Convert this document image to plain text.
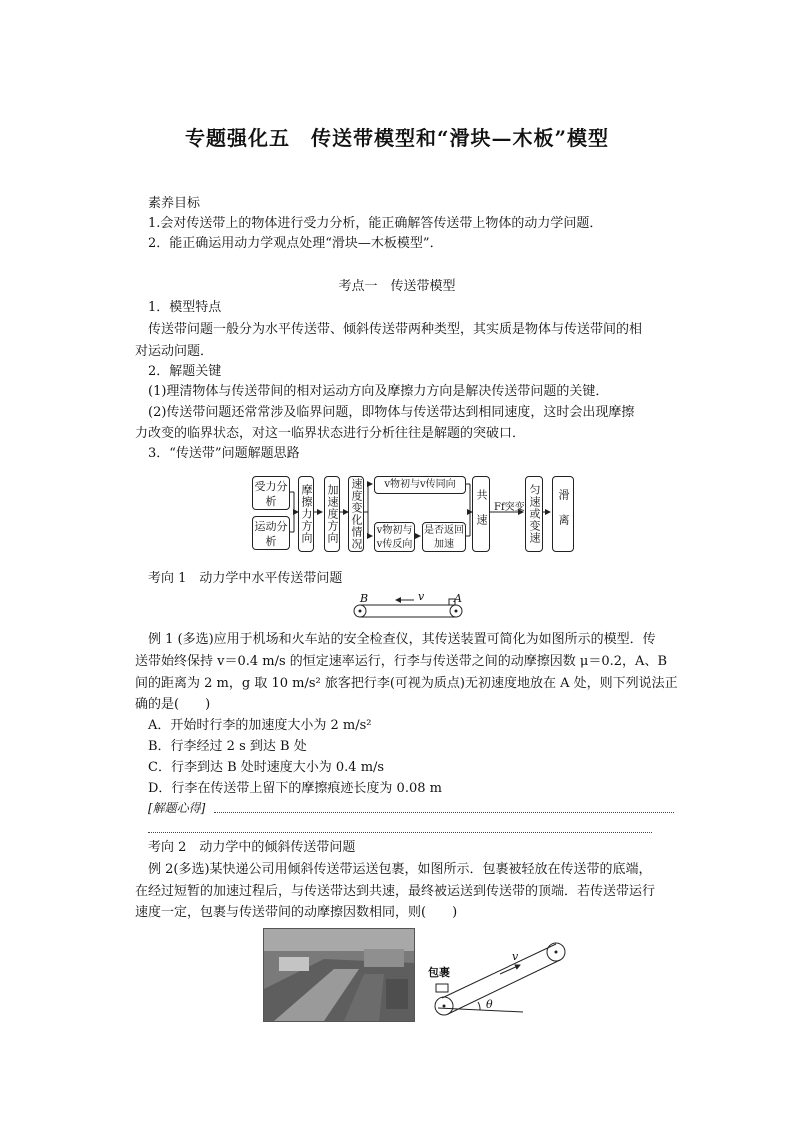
专题强化五　传送带模型和“滑块—木板”模型
素养目标
1.会对传送带上的物体进行受力分析，能正确解答传送带上物体的动力学问题．
2．能正确运用动力学观点处理“滑块—木板模型”．
考点一　传送带模型
1．模型特点
传送带问题一般分为水平传送带、倾斜传送带两种类型，其实质是物体与传送带间的相
对运动问题．
2．解题关键
(1)理清物体与传送带间的相对运动方向及摩擦力方向是解决传送带问题的关键．
(2)传送带问题还常常涉及临界问题，即物体与传送带达到相同速度，这时会出现摩擦
力改变的临界状态，对这一临界状态进行分析往往是解题的突破口．
3．“传送带”问题解题思路
受力分析
运动分析	摩擦力方向 加速度方向 速度变化情况	v物初与v传同向
v物初与v传反向
是否返回加速
共速 Ff突变 匀速或变速	滑离
考向 1　动力学中水平传送带问题
B	A
v
例 1 (多选)应用于机场和火车站的安全检查仪，其传送装置可简化为如图所示的模型．传
送带始终保持 v＝0.4 m/s 的恒定速率运行，行李与传送带之间的动摩擦因数 μ＝0.2，A、B
间的距离为 2 m，g 取 10 m/s² 旅客把行李(可视为质点)无初速度地放在 A 处，则下列说法正
确的是(　　)
A．开始时行李的加速度大小为 2 m/s²
B．行李经过 2 s 到达 B 处
C．行李到达 B 处时速度大小为 0.4 m/s
D．行李在传送带上留下的摩擦痕迹长度为 0.08 m
[解题心得]
考向 2　动力学中的倾斜传送带问题
例 2(多选)某快递公司用倾斜传送带运送包裹，如图所示．包裹被轻放在传送带的底端，
在经过短暂的加速过程后，与传送带达到共速，最终被运送到传送带的顶端．若传送带运行
速度一定，包裹与传送带间的动摩擦因数相同，则(　　)
包裹
v
θ
